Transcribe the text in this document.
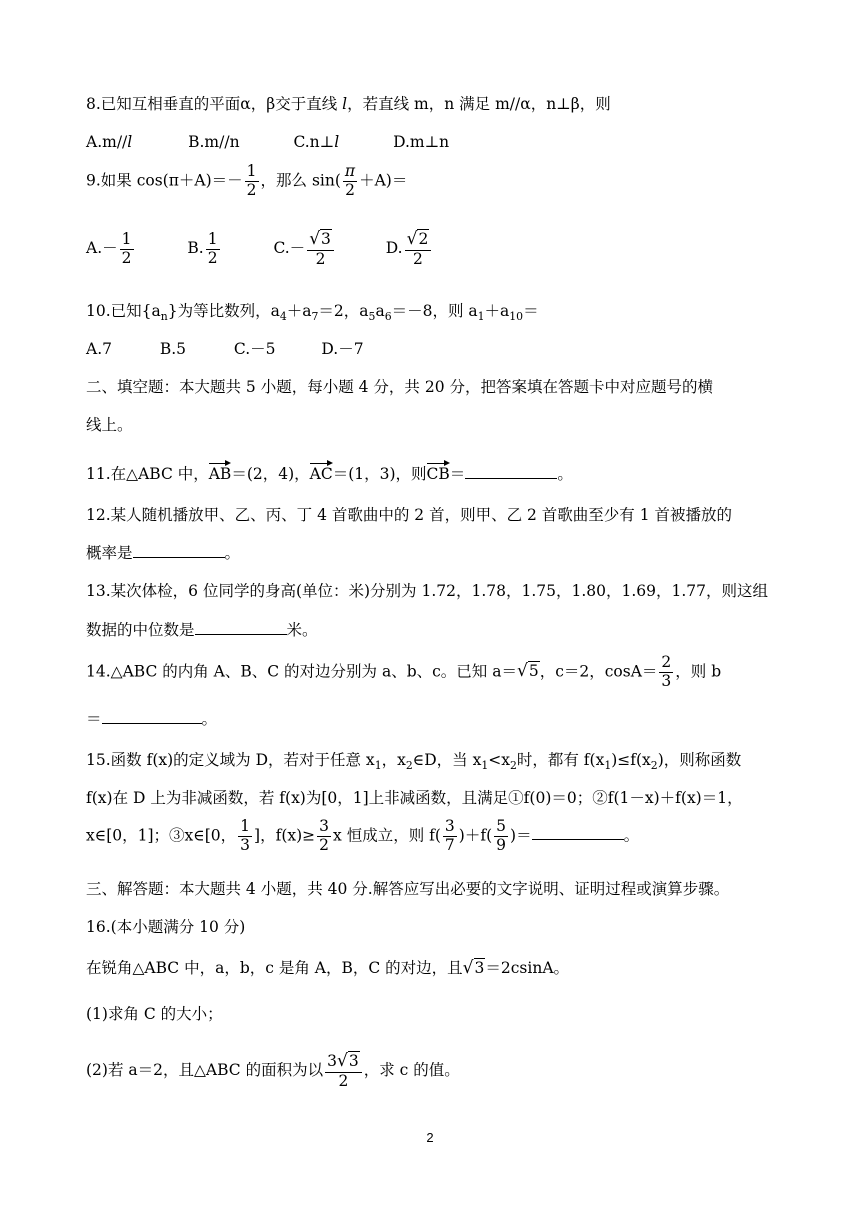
8.已知互相垂直的平面α，β交于直线 l，若直线 m，n 满足 m//α，n⊥β，则
A.m//l	B.m//n	C.n⊥l	D.m⊥n
9.如果 $\cos(\pi+A)=- \frac{1}{2}$ ，那么 $\sin( \frac{\pi}{2} +A)=$
$A.- \frac{1}{2}$	B. $\frac{1}{2}$	$C.- \frac{√3}{2}$	D. $\frac{√2}{2}$
10.已知$\{a_n\}$为等比数列，$a_4+a_7=2$，$a_5a_6=-8$，则 $a_1+a_{10}=$
A.7	B.5	C.－5	D.－7
二、填空题：本大题共 5 小题，每小题 4 分，共 20 分，把答案填在答题卡中对应题号的横
线上。
11.在△ABC 中，AB＝(2，4)，AC＝(1，3)，则CB＝	。
12.某人随机播放甲、乙、丙、丁 4 首歌曲中的 2 首，则甲、乙 2 首歌曲至少有 1 首被播放的
概率是	。
13.某次体检，6 位同学的身高(单位：米)分别为 1.72，1.78，1.75，1.80，1.69，1.77，则这组
数据的中位数是	米。
14.△ABC 的内角 A、B、C 的对边分别为 a、b、c。已知 a＝√5，c＝2，$\cos A= \frac{2}{3}$ ，则 b
＝	。
15.函数 f(x)的定义域为 D，若对于任意 $x_1$，$x_2\in D$，当 $x_1<x_2$时，都有 $f(x_1)\le f(x_2)$，则称函数
f(x)在 D 上为非减函数，若 f(x)为[0，1]上非减函数，且满足①f(0)＝0；②f(1－x)＋f(x)＝1，
x∈[0，1]；③x∈[0， $\frac{1}{3}$ ]，$f(x)\ge \frac{3}{2}$ x 恒成立，则 $f( \frac{3}{7} )+f( \frac{5}{9}$ )＝	。
三、解答题：本大题共 4 小题，共 40 分.解答应写出必要的文字说明、证明过程或演算步骤。
16.(本小题满分 10 分)
在锐角△ABC 中，a，b，c 是角 A，B，C 的对边，且√3＝2csinA。
(1)求角 C 的大小；
(2)若 a＝2，且△ABC 的面积为以 $\frac{3√3}{2}$ ，求 c 的值。
2
